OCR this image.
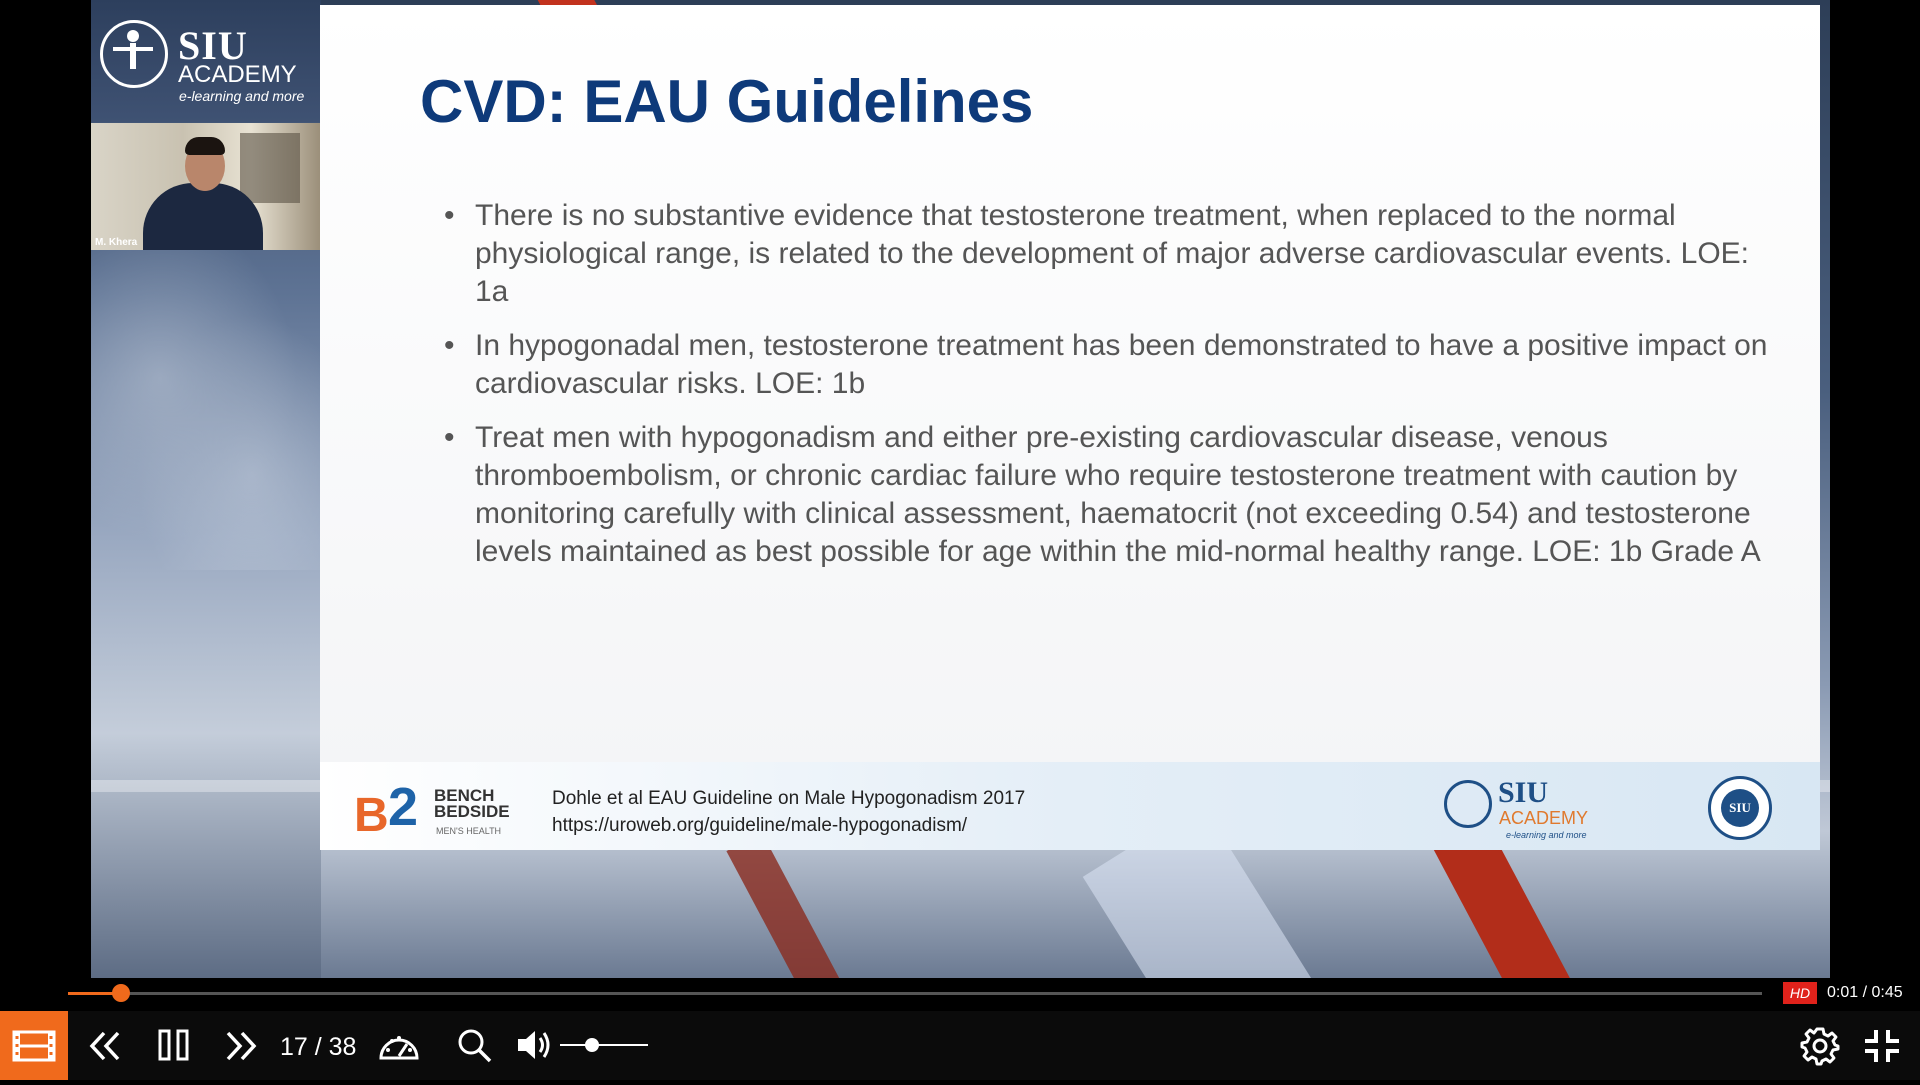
SIU
ACADEMY
e-learning and more
M. Khera
CVD: EAU Guidelines
• There is no substantive evidence that testosterone treatment, when replaced to the normal physiological range, is related to the development of major adverse cardiovascular events. LOE: 1a
• In hypogonadal men, testosterone treatment has been demonstrated to have a positive impact on cardiovascular risks. LOE: 1b
• Treat men with hypogonadism and either pre-existing cardiovascular disease, venous thromboembolism, or chronic cardiac failure who require testosterone treatment with caution by monitoring carefully with clinical assessment, haematocrit (not exceeding 0.54) and testosterone levels maintained as best possible for age within the mid-normal healthy range. LOE: 1b Grade A
B 2 BENCH
BEDSIDE
MEN'S HEALTH
Dohle et al EAU Guideline on Male Hypogonadism 2017
https://uroweb.org/guideline/male-hypogonadism/
SIU
ACADEMY
e-learning and more
SIU
HD	0:01 / 0:45
17 / 38
